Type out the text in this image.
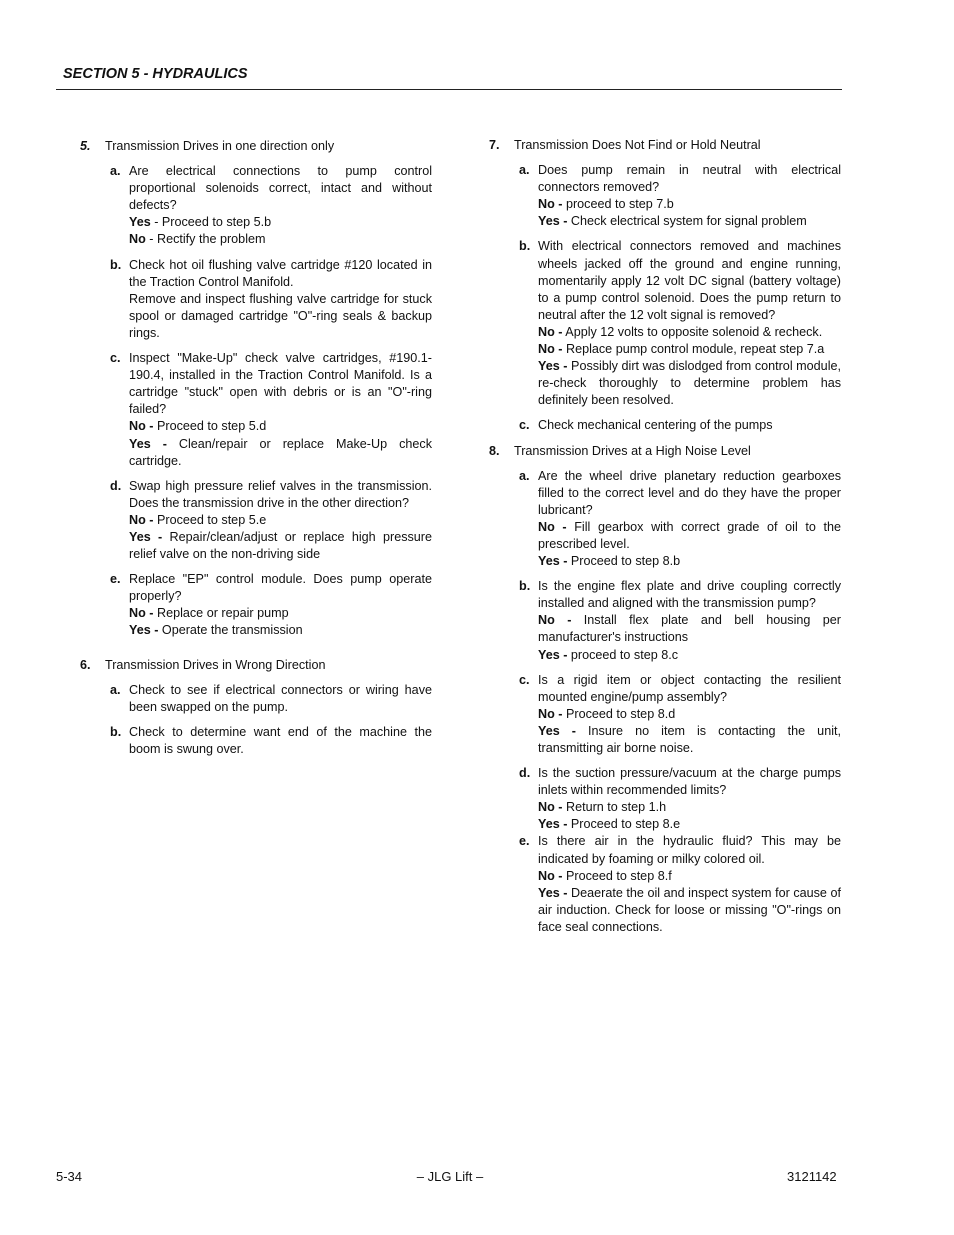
SECTION 5 - HYDRAULICS
5. Transmission Drives in one direction only
a. Are electrical connections to pump control proportional solenoids correct, intact and without defects?

Yes - Proceed to step 5.b

No - Rectify the problem

b. Check hot oil flushing valve cartridge #120 located in the Traction Control Manifold.

Remove and inspect flushing valve cartridge for stuck spool or damaged cartridge "O"-ring seals & backup rings.

c. Inspect "Make-Up" check valve cartridges, #190.1-190.4, installed in the Traction Control Manifold. Is a cartridge "stuck" open with debris or is an "O"-ring failed?

No - Proceed to step 5.d

Yes - Clean/repair or replace Make-Up check cartridge.

d. Swap high pressure relief valves in the transmission. Does the transmission drive in the other direction?

No - Proceed to step 5.e

Yes - Repair/clean/adjust or replace high pressure relief valve on the non-driving side

e. Replace "EP" control module. Does pump operate properly?

No - Replace or repair pump

Yes - Operate the transmission

6. Transmission Drives in Wrong Direction
a. Check to see if electrical connectors or wiring have been swapped on the pump.

b. Check to determine want end of the machine the boom is swung over.

7. Transmission Does Not Find or Hold Neutral
a. Does pump remain in neutral with electrical connectors removed?

No - proceed to step 7.b

Yes - Check electrical system for signal problem

b. With electrical connectors removed and machines wheels jacked off the ground and engine running, momentarily apply 12 volt DC signal (battery voltage) to a pump control solenoid. Does the pump return to neutral after the 12 volt signal is removed?

No - Apply 12 volts to opposite solenoid & recheck.

No - Replace pump control module, repeat step 7.a

Yes - Possibly dirt was dislodged from control module, re-check thoroughly to determine problem has definitely been resolved.

c. Check mechanical centering of the pumps

8. Transmission Drives at a High Noise Level
a. Are the wheel drive planetary reduction gearboxes filled to the correct level and do they have the proper lubricant?

No - Fill gearbox with correct grade of oil to the prescribed level.

Yes - Proceed to step 8.b

b. Is the engine flex plate and drive coupling correctly installed and aligned with the transmission pump?

No - Install flex plate and bell housing per manufacturer's instructions

Yes - proceed to step 8.c

c. Is a rigid item or object contacting the resilient mounted engine/pump assembly?

No - Proceed to step 8.d

Yes - Insure no item is contacting the unit, transmitting air borne noise.

d. Is the suction pressure/vacuum at the charge pumps inlets within recommended limits?

No - Return to step 1.h

Yes - Proceed to step 8.e

e. Is there air in the hydraulic fluid? This may be indicated by foaming or milky colored oil.

No - Proceed to step 8.f

Yes - Deaerate the oil and inspect system for cause of air induction. Check for loose or missing "O"-rings on face seal connections.

5-34	– JLG Lift –	3121142
